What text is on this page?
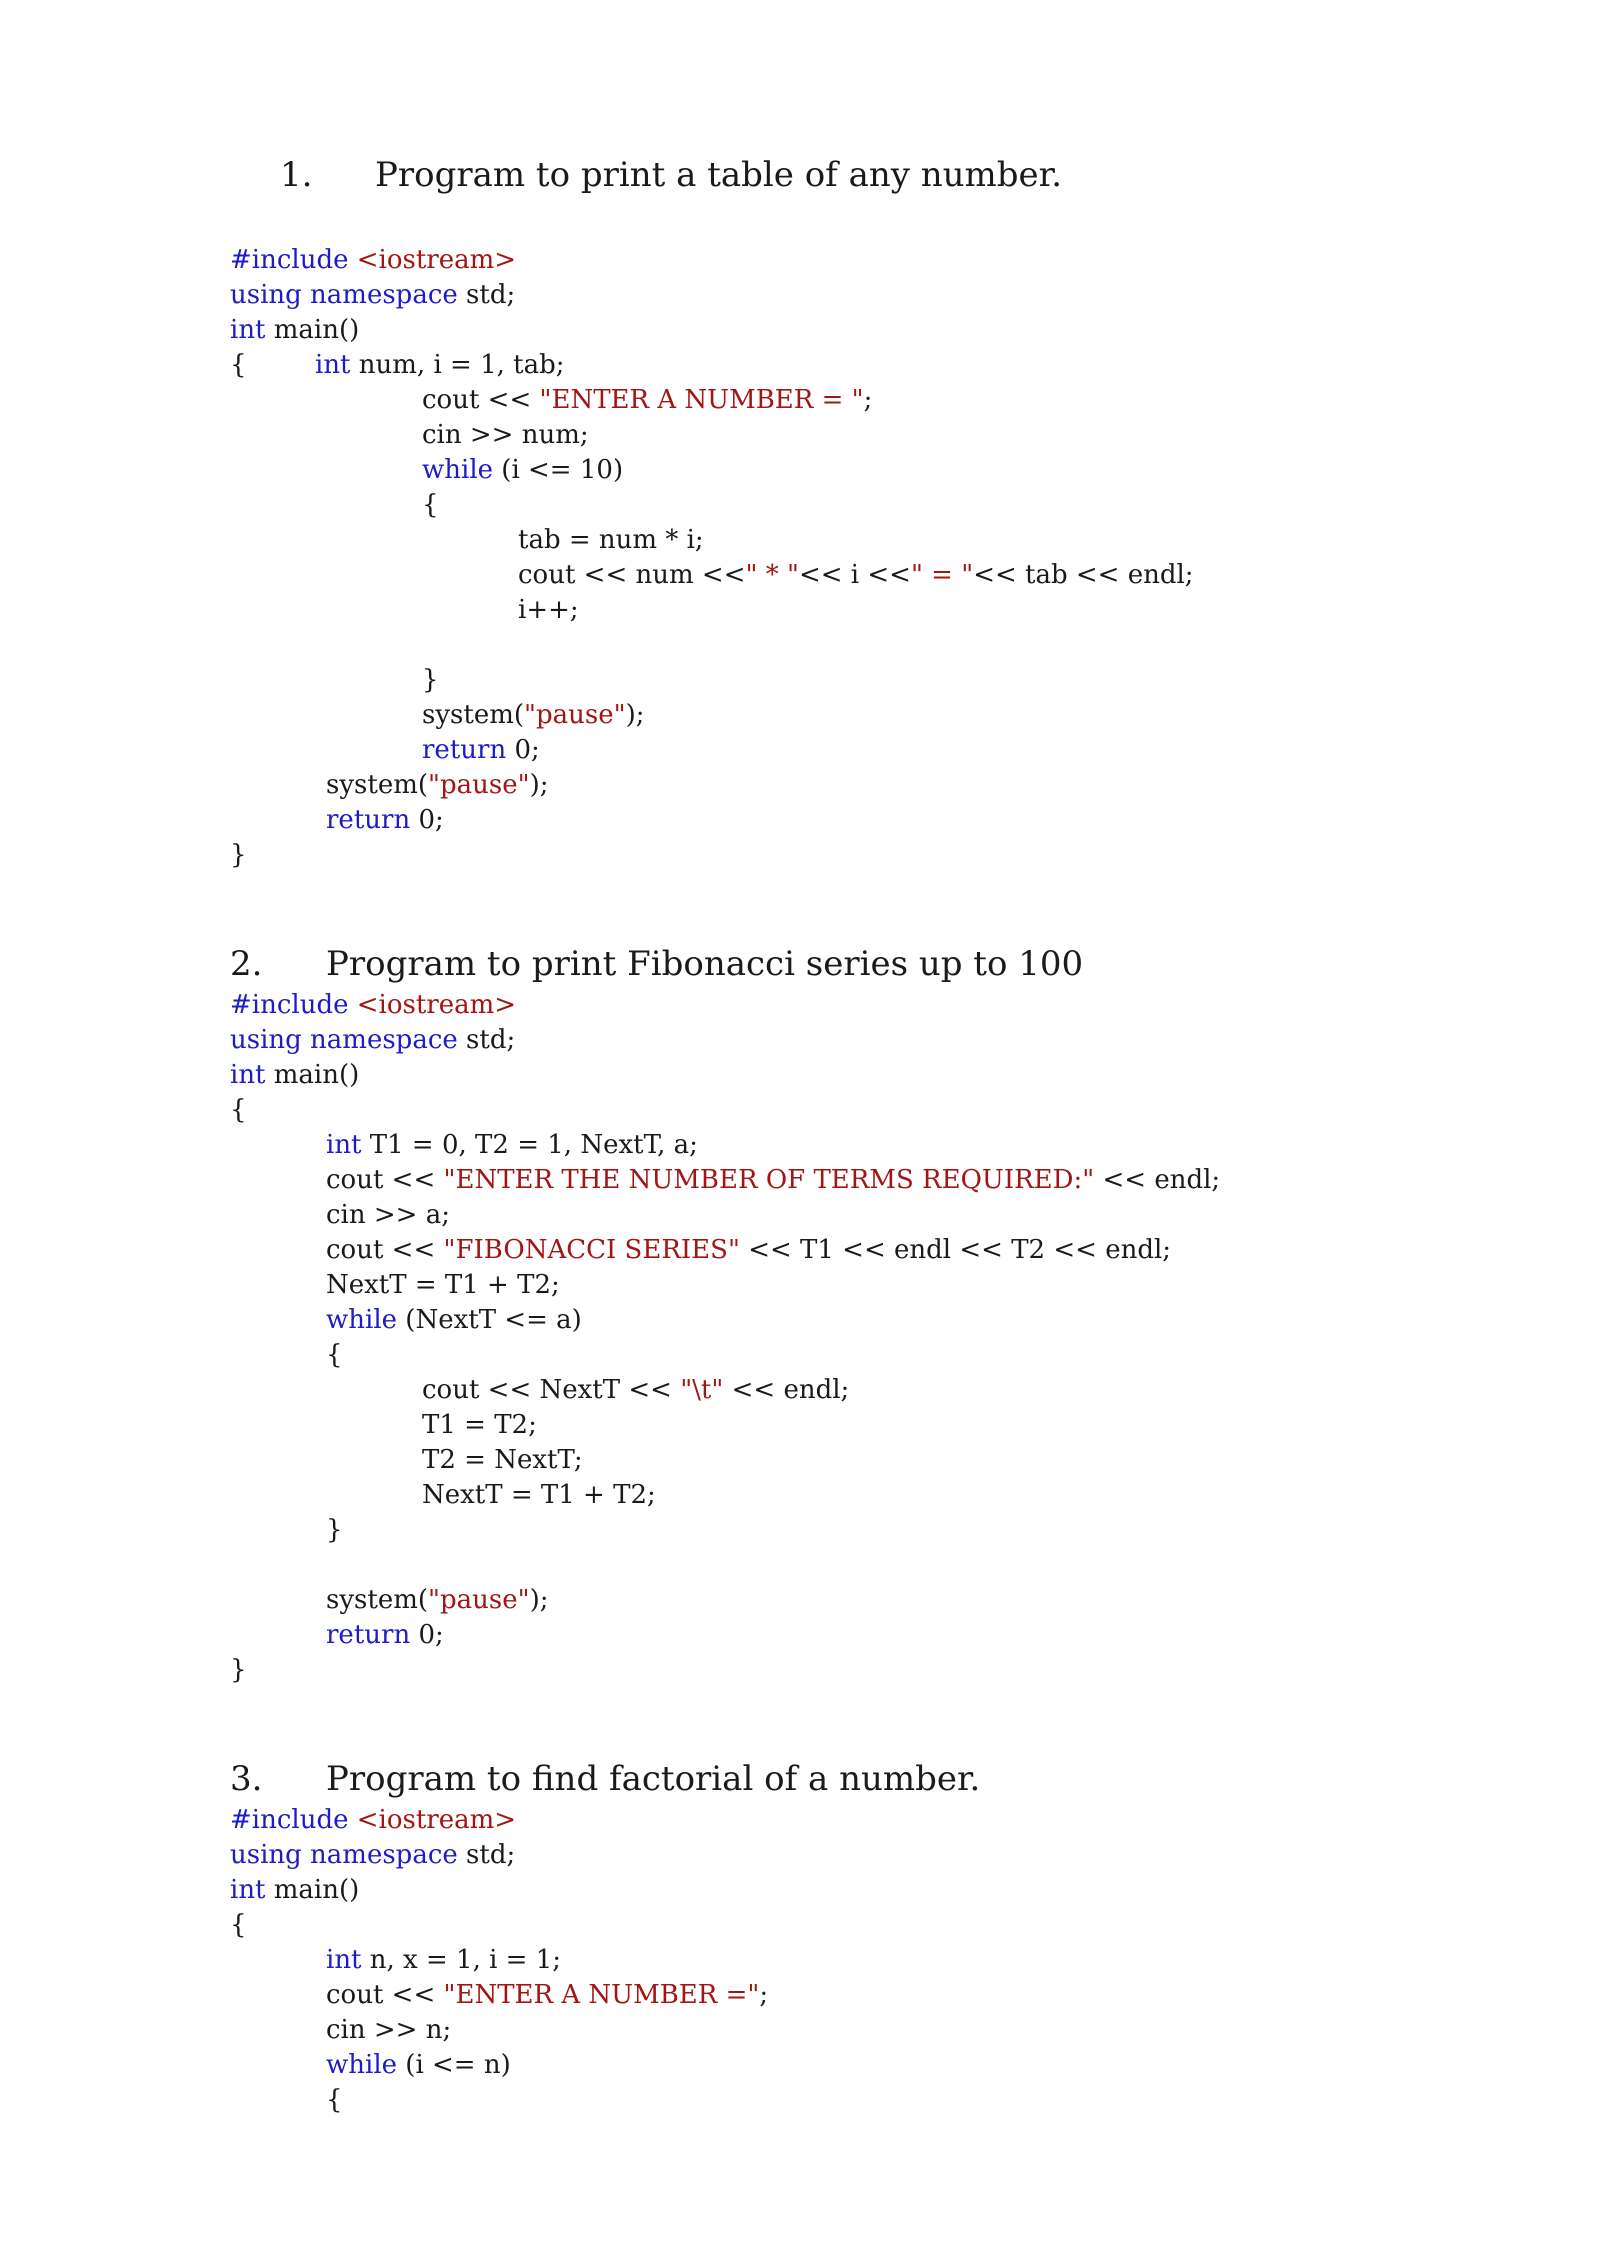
1.

Program to print a table of any number.

#include <iostream>
using namespace std;
int main()
{	int num, i = 1, tab;
cout << "ENTER A NUMBER = ";
cin >> num;
while (i <= 10)
{
tab = num * i;
cout << num <<" * "<< i <<" = "<< tab << endl;
i++;
}
system("pause");
return 0;
system("pause");
return 0;
}

2.

Program to print Fibonacci series up to 100

#include <iostream>
using namespace std;
int main()
{
int T1 = 0, T2 = 1, NextT, a;
cout << "ENTER THE NUMBER OF TERMS REQUIRED:" << endl;
cin >> a;
cout << "FIBONACCI SERIES" << T1 << endl << T2 << endl;
NextT = T1 + T2;
while (NextT <= a)
{
cout << NextT << "\t" << endl;
T1 = T2;
T2 = NextT;
NextT = T1 + T2;
}
system("pause");
return 0;
}

3.

Program to find factorial of a number.

#include <iostream>
using namespace std;
int main()
{
int n, x = 1, i = 1;
cout << "ENTER A NUMBER =";
cin >> n;
while (i <= n)
{
